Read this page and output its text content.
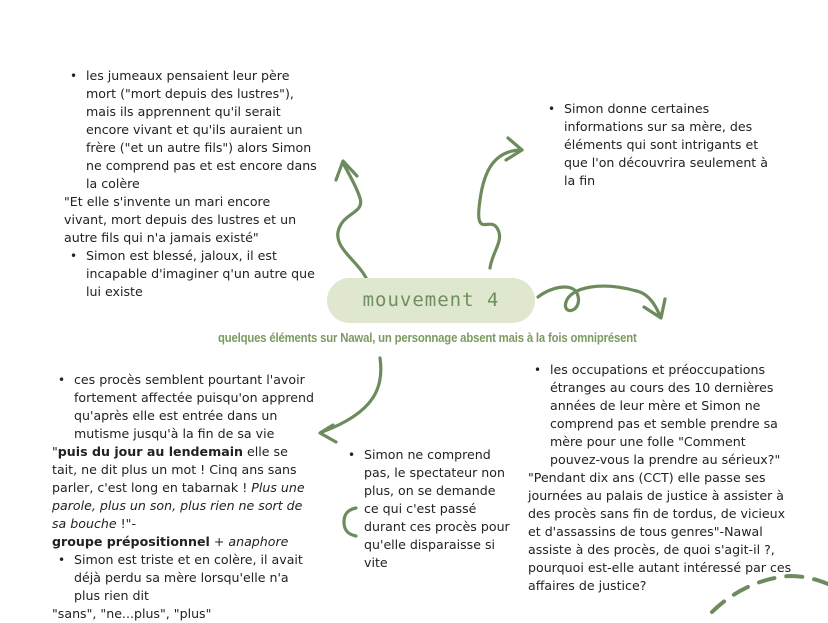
mouvement 4
quelques éléments sur Nawal, un personnage absent mais à la fois omniprésent
• les jumeaux pensaient leur père mort ("mort depuis des lustres"), mais ils apprennent qu'il serait encore vivant et qu'ils auraient un frère ("et un autre fils") alors Simon ne comprend pas et est encore dans la colère
"Et elle s'invente un mari encore vivant, mort depuis des lustres et un autre fils qui n'a jamais existé"
• Simon est blessé, jaloux, il est incapable d'imaginer q'un autre que lui existe
• Simon donne certaines informations sur sa mère, des éléments qui sont intrigants et que l'on découvrira seulement à la fin
• ces procès semblent pourtant l'avoir fortement affectée puisqu'on apprend qu'après elle est entrée dans un mutisme jusqu'à la fin de sa vie
"puis du jour au lendemain elle se tait, ne dit plus un mot ! Cinq ans sans parler, c'est long en tabarnak ! Plus une parole, plus un son, plus rien ne sort de sa bouche !"-
groupe prépositionnel + anaphore
• Simon est triste et en colère, il avait déjà perdu sa mère lorsqu'elle n'a plus rien dit
"sans", "ne...plus", "plus"
• Simon ne comprend pas, le spectateur non plus, on se demande ce qui c'est passé durant ces procès pour qu'elle disparaisse si vite
• les occupations et préoccupations étranges au cours des 10 dernières années de leur mère et Simon ne comprend pas et semble prendre sa mère pour une folle "Comment pouvez-vous la prendre au sérieux?"
"Pendant dix ans (CCT) elle passe ses journées au palais de justice à assister à des procès sans fin de tordus, de vicieux et d'assassins de tous genres"-Nawal assiste à des procès, de quoi s'agit-il ?, pourquoi est-elle autant intéressé par ces affaires de justice?
